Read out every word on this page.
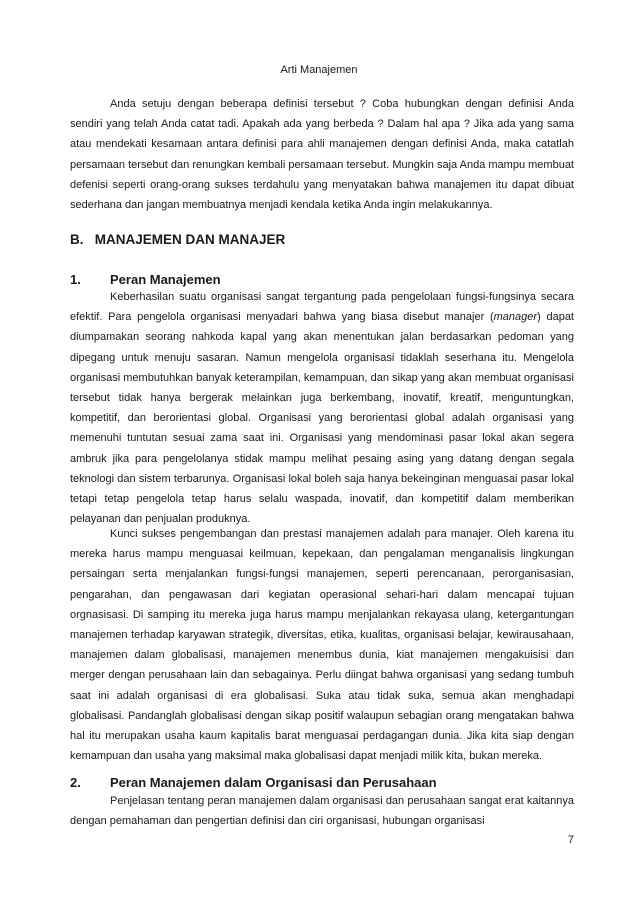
Arti Manajemen

Anda setuju dengan beberapa definisi tersebut ? Coba hubungkan dengan definisi Anda sendiri yang telah Anda catat tadi. Apakah ada yang berbeda ? Dalam hal apa ? Jika ada yang sama atau mendekati kesamaan antara definisi para ahli manajemen dengan definisi Anda, maka catatlah persamaan tersebut dan renungkan kembali persamaan tersebut. Mungkin saja Anda mampu membuat defenisi seperti orang-orang sukses terdahulu yang menyatakan bahwa manajemen itu dapat dibuat sederhana dan jangan membuatnya menjadi kendala ketika Anda ingin melakukannya.

B. MANAJEMEN DAN MANAJER
1. Peran Manajemen

Keberhasilan suatu organisasi sangat tergantung pada pengelolaan fungsi-fungsinya secara efektif. Para pengelola organisasi menyadari bahwa yang biasa disebut manajer (manager) dapat diumpamakan seorang nahkoda kapal yang akan menentukan jalan berdasarkan pedoman yang dipegang untuk menuju sasaran. Namun mengelola organisasi tidaklah seserhana itu. Mengelola organisasi membutuhkan banyak keterampilan, kemampuan, dan sikap yang akan membuat organisasi tersebut tidak hanya bergerak melainkan juga berkembang, inovatif, kreatif, menguntungkan, kompetitif, dan berorientasi global. Organisasi yang berorientasi global adalah organisasi yang memenuhi tuntutan sesuai zama saat ini. Organisasi yang mendominasi pasar lokal akan segera ambruk jika para pengelolanya stidak mampu melihat pesaing asing yang datang dengan segala teknologi dan sistem terbarunya. Organisasi lokal boleh saja hanya bekeinginan menguasai pasar lokal tetapi tetap pengelola tetap harus selalu waspada, inovatif, dan kompetitif dalam memberikan pelayanan dan penjualan produknya.

Kunci sukses pengembangan dan prestasi manajemen adalah para manajer. Oleh karena itu mereka harus mampu menguasai keilmuan, kepekaan, dan pengalaman menganalisis lingkungan persaingan serta menjalankan fungsi-fungsi manajemen, seperti perencanaan, perorganisasian, pengarahan, dan pengawasan dari kegiatan operasional sehari-hari dalam mencapai tujuan orgnasisasi. Di samping itu mereka juga harus mampu menjalankan rekayasa ulang, ketergantungan manajemen terhadap karyawan strategik, diversitas, etika, kualitas, organisasi belajar, kewirausahaan, manajemen dalam globalisasi, manajemen menembus dunia, kiat manajemen mengakuisisi dan merger dengan perusahaan lain dan sebagainya. Perlu diingat bahwa organisasi yang sedang tumbuh saat ini adalah organisasi di era globalisasi. Suka atau tidak suka, semua akan menghadapi globalisasi. Pandanglah globalisasi dengan sikap positif walaupun sebagian orang mengatakan bahwa hal itu merupakan usaha kaum kapitalis barat menguasai perdagangan dunia. Jika kita siap dengan kemampuan dan usaha yang maksimal maka globalisasi dapat menjadi milik kita, bukan mereka.

2. Peran Manajemen dalam Organisasi dan Perusahaan

Penjelasan tentang peran manajemen dalam organisasi dan perusahaan sangat erat kaitannya dengan pemahaman dan pengertian definisi dan ciri organisasi, hubungan organisasi

7
